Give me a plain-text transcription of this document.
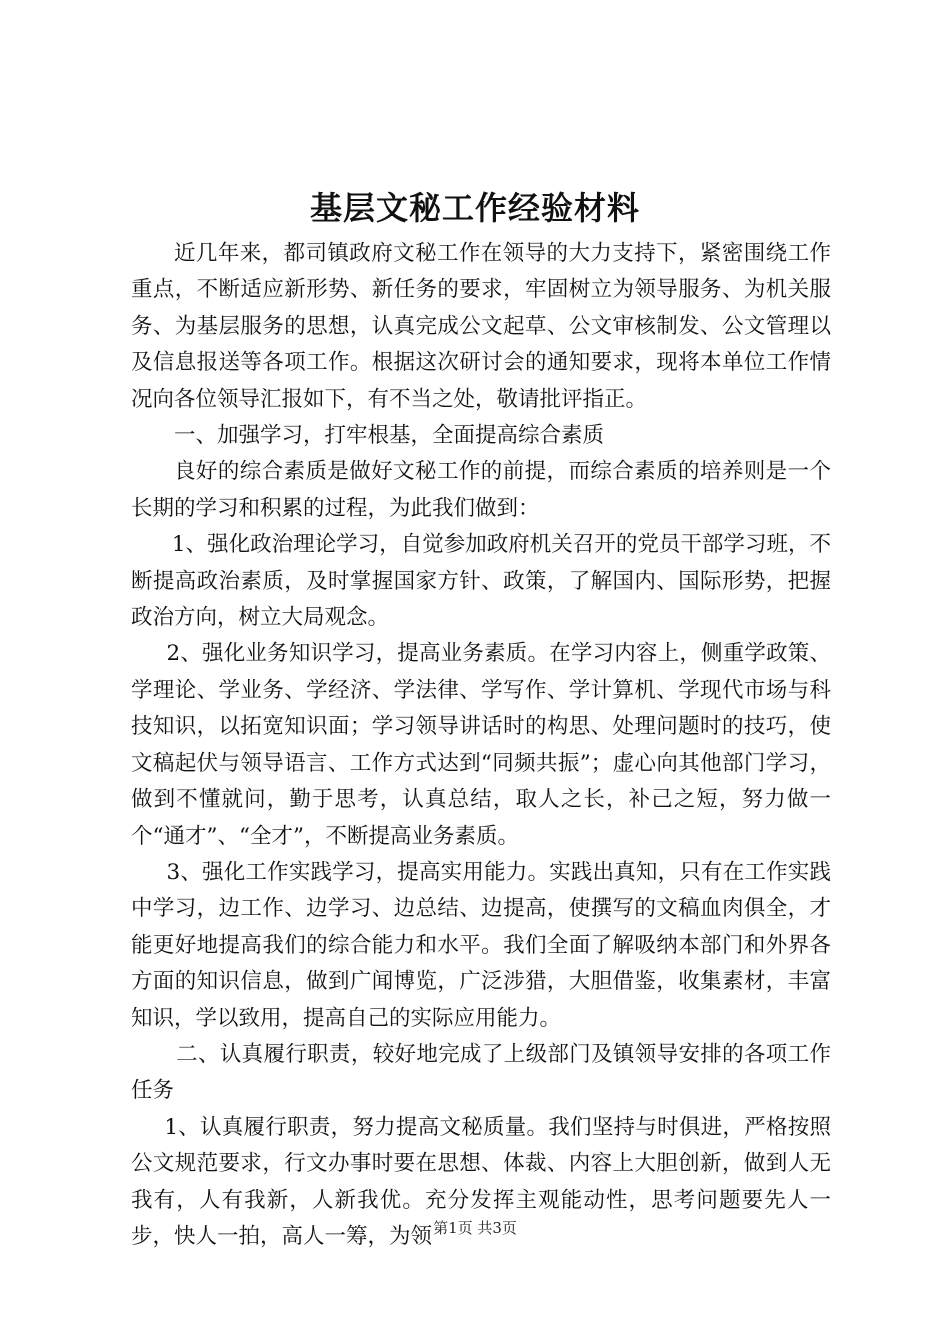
基层文秘工作经验材料

近几年来，都司镇政府文秘工作在领导的大力支持下，紧密围绕工作重点，不断适应新形势、新任务的要求，牢固树立为领导服务、为机关服务、为基层服务的思想，认真完成公文起草、公文审核制发、公文管理以及信息报送等各项工作。根据这次研讨会的通知要求，现将本单位工作情况向各位领导汇报如下，有不当之处，敬请批评指正。

一、加强学习，打牢根基，全面提高综合素质

良好的综合素质是做好文秘工作的前提，而综合素质的培养则是一个长期的学习和积累的过程，为此我们做到：

1、强化政治理论学习，自觉参加政府机关召开的党员干部学习班，不断提高政治素质，及时掌握国家方针、政策，了解国内、国际形势，把握政治方向，树立大局观念。

2、强化业务知识学习，提高业务素质。在学习内容上，侧重学政策、学理论、学业务、学经济、学法律、学写作、学计算机、学现代市场与科技知识，以拓宽知识面；学习领导讲话时的构思、处理问题时的技巧，使文稿起伏与领导语言、工作方式达到“同频共振”；虚心向其他部门学习，做到不懂就问，勤于思考，认真总结，取人之长，补己之短，努力做一个“通才”、“全才”，不断提高业务素质。

3、强化工作实践学习，提高实用能力。实践出真知，只有在工作实践中学习，边工作、边学习、边总结、边提高，使撰写的文稿血肉俱全，才能更好地提高我们的综合能力和水平。我们全面了解吸纳本部门和外界各方面的知识信息，做到广闻博览，广泛涉猎，大胆借鉴，收集素材，丰富知识，学以致用，提高自己的实际应用能力。

二、认真履行职责，较好地完成了上级部门及镇领导安排的各项工作任务

1、认真履行职责，努力提高文秘质量。我们坚持与时俱进，严格按照公文规范要求，行文办事时要在思想、体裁、内容上大胆创新，做到人无我有，人有我新，人新我优。充分发挥主观能动性，思考问题要先人一步，快人一拍，高人一筹，为领 第1页 共3页
